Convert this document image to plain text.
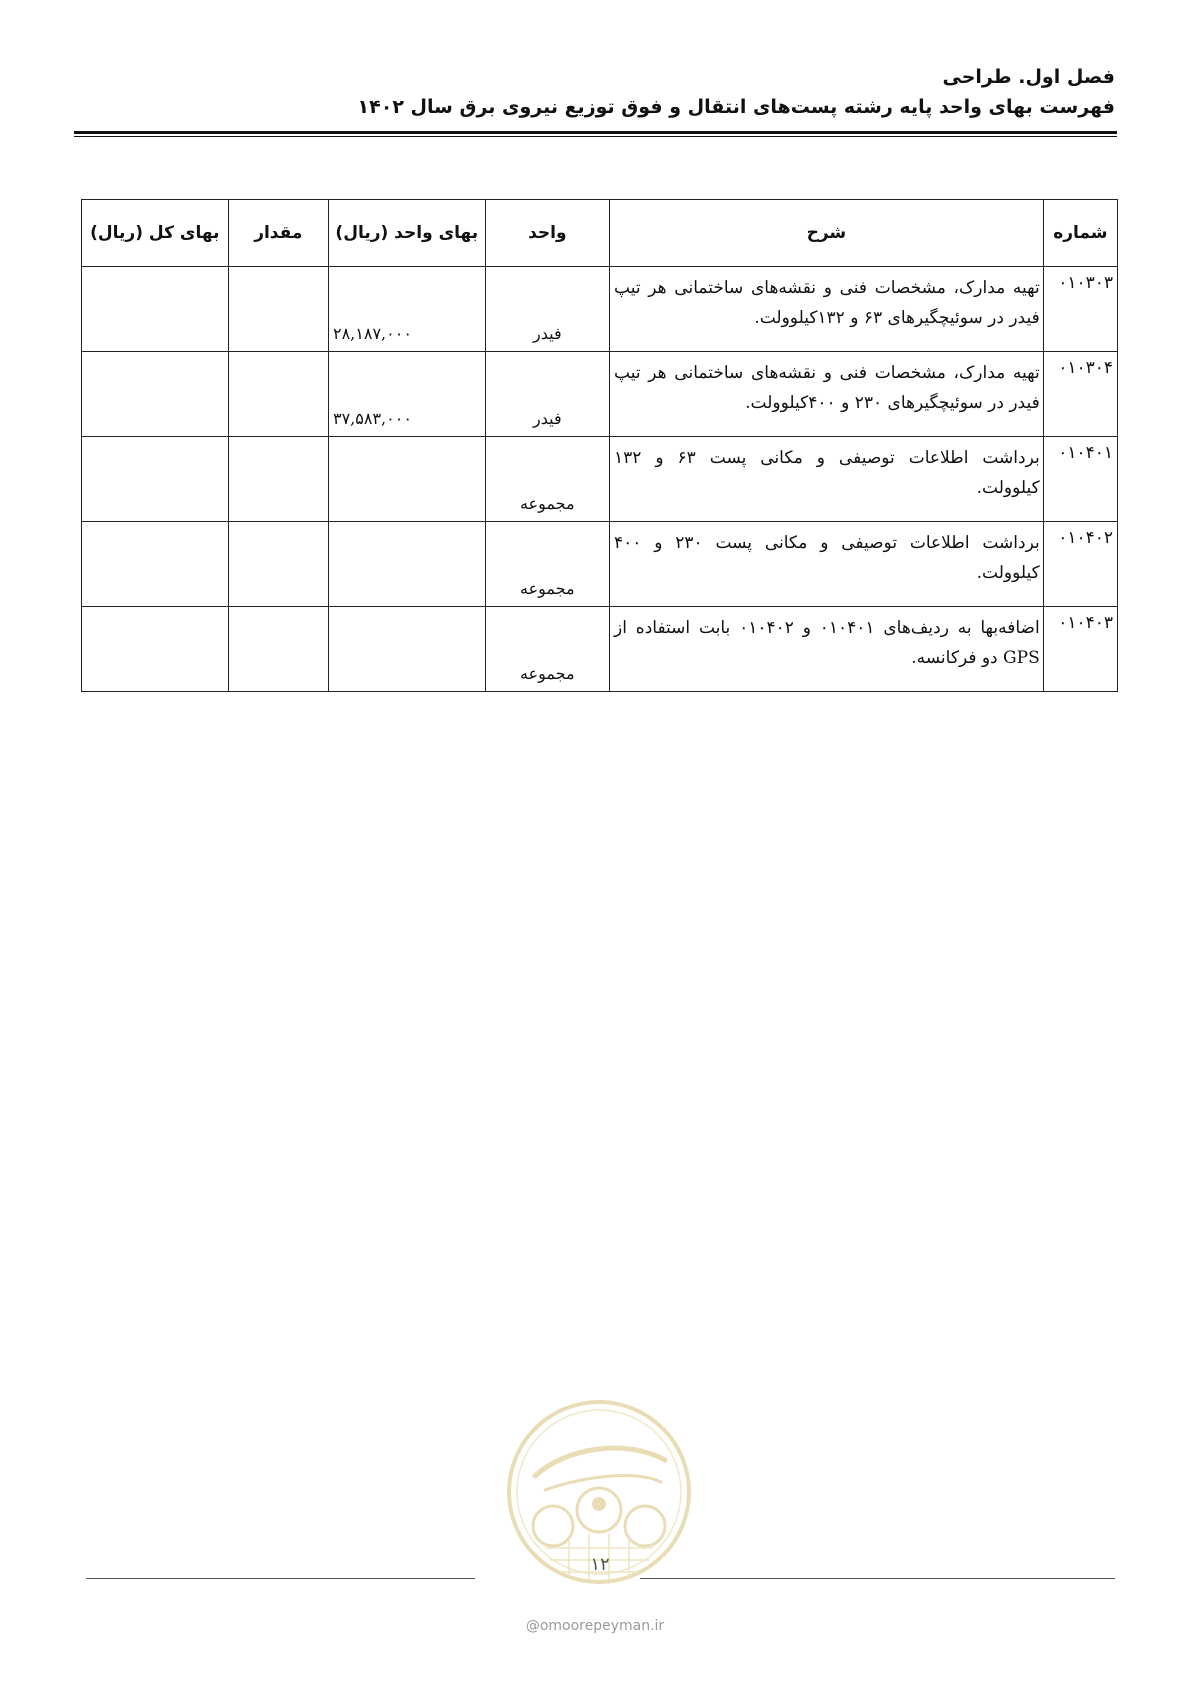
فصل اول. طراحی
فهرست بهای واحد پایه رشته پست‌های انتقال و فوق توزیع نیروی برق سال ۱۴۰۲
شماره	شرح	واحد	بهای واحد (ریال)	مقدار	بهای کل (ریال)
۰۱۰۳۰۳	تهیه مدارک، مشخصات فنی و نقشه‌های ساختمانی هر تیپ فیدر در سوئیچگیرهای ۶۳ و ۱۳۲کیلوولت.	فیدر	۲۸,۱۸۷,۰۰۰		
۰۱۰۳۰۴	تهیه مدارک، مشخصات فنی و نقشه‌های ساختمانی هر تیپ فیدر در سوئیچگیرهای ۲۳۰ و ۴۰۰کیلوولت.	فیدر	۳۷,۵۸۳,۰۰۰		
۰۱۰۴۰۱	برداشت اطلاعات توصیفی و مکانی پست ۶۳ و ۱۳۲ کیلوولت.	مجموعه			
۰۱۰۴۰۲	برداشت اطلاعات توصیفی و مکانی پست ۲۳۰ و ۴۰۰ کیلوولت.	مجموعه			
۰۱۰۴۰۳	اضافه‌بها به ردیف‌های ۰۱۰۴۰۱ و ۰۱۰۴۰۲ بابت استفاده از GPS دو فرکانسه.	مجموعه			
۱۲
@omoorepeyman.ir
